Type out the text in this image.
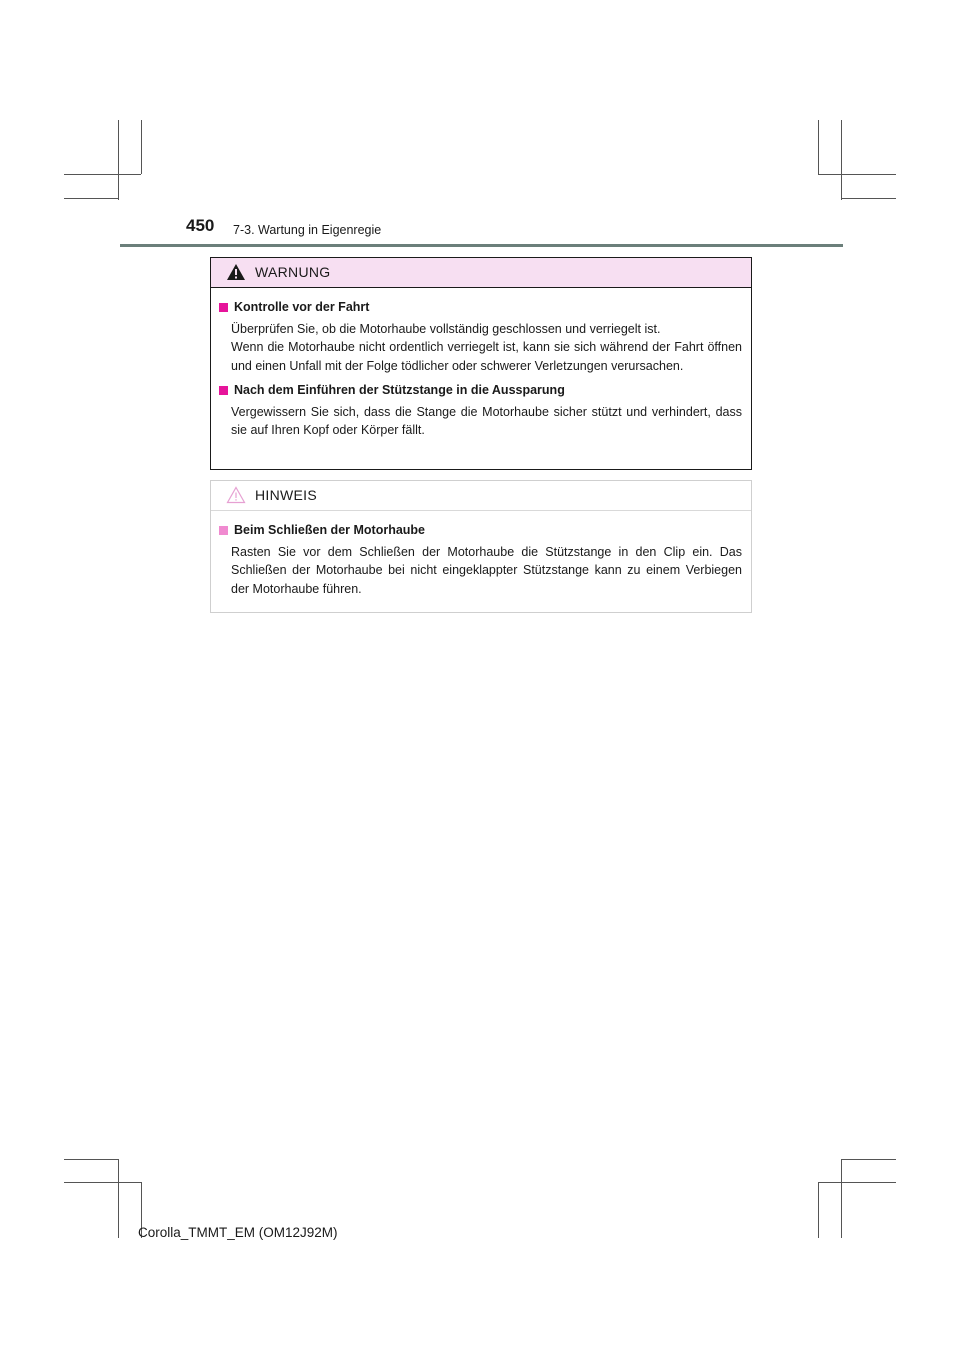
450 7-3. Wartung in Eigenregie
WARNUNG
Kontrolle vor der Fahrt

Überprüfen Sie, ob die Motorhaube vollständig geschlossen und verriegelt ist.

Wenn die Motorhaube nicht ordentlich verriegelt ist, kann sie sich während der Fahrt öffnen und einen Unfall mit der Folge tödlicher oder schwerer Verletzungen verursachen.

Nach dem Einführen der Stützstange in die Aussparung

Vergewissern Sie sich, dass die Stange die Motorhaube sicher stützt und verhindert, dass sie auf Ihren Kopf oder Körper fällt.

HINWEIS
Beim Schließen der Motorhaube

Rasten Sie vor dem Schließen der Motorhaube die Stützstange in den Clip ein. Das Schließen der Motorhaube bei nicht eingeklappter Stützstange kann zu einem Verbiegen der Motorhaube führen.

Corolla_TMMT_EM (OM12J92M)
